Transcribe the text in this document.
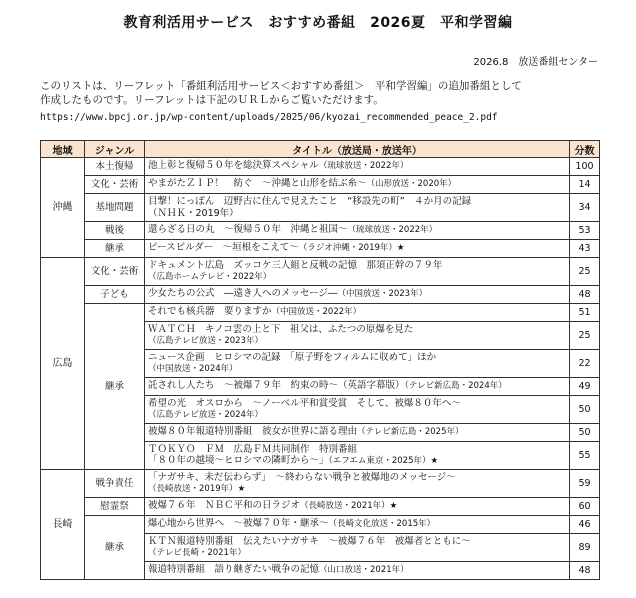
教育利活用サービス　おすすめ番組　2026夏　平和学習編
2026.8　放送番組センター

このリストは、リーフレット「番組利活用サービス＜おすすめ番組＞　平和学習編」の追加番組として

作成したものです。リーフレットは下記のＵＲＬからご覧いただけます。

https://www.bpcj.or.jp/wp-content/uploads/2025/06/kyozai_recommended_peace_2.pdf
地域	ジャンル	タイトル（放送局・放送年）	分数
沖縄	本土復帰	池上彰と復帰５０年を総決算スペシャル（琉球放送・2022年）	100
	文化・芸術	やまがたＺＩＰ！　紡ぐ　～沖縄と山形を結ぶ糸～（山形放送・2020年）	14
	基地問題	目撃！にっぽん　辺野古に住んで見えたこと　“移設先の町”　４か月の記録
（ＮＨＫ・2019年）	34
	戦後	還らざる日の丸　～復帰５０年　沖縄と祖国～（琉球放送・2022年）	53
	継承	ピースビルダー　～垣根をこえて～（ラジオ沖縄・2019年）★	43
広島	文化・芸術	ドキュメント広島　ズッコケ三人組と反戦の記憶　那須正幹の７９年
（広島ホームテレビ・2022年）	25
	子ども	少女たちの公式　―遠き人へのメッセージ―（中国放送・2023年）	48
	継承	それでも核兵器　要りますか（中国放送・2022年）	51

		ＷＡＴＣＨ　キノコ雲の上と下　祖父は、ふたつの原爆を見た
（広島テレビ放送・2023年）	25

		ニュース企画　ヒロシマの記録　「原子野をフィルムに収めて」ほか
（中国放送・2024年）	22
		託されし人たち　～被爆７９年　約束の時～（英語字幕版）（テレビ新広島・2024年）	49

		希望の光　オスロから　～ノーベル平和賞受賞　そして、被爆８０年へ～
（広島テレビ放送・2024年）	50
		被爆８０年報道特別番組　彼女が世界に語る理由（テレビ新広島・2025年）	50

		ＴＯＫＹＯ　ＦＭ　広島ＦＭ共同制作　特別番組
「８０年の越境～ヒロシマの隣町から～」（エフエム東京・2025年）★	55
長崎	戦争責任	「ナガサキ、未だ伝わらず」　～終わらない戦争と被爆地のメッセージ～
（長崎放送・2019年）★	59
	慰霊祭	被爆７６年　ＮＢＣ平和の日ラジオ（長崎放送・2021年）★	60
	継承	爆心地から世界へ　～被爆７０年・継承～（長崎文化放送・2015年）	46

		ＫＴＮ報道特別番組　伝えたいナガサキ　～被爆７６年　被爆者とともに～
（テレビ長崎・2021年）	89
		報道特別番組　語り継ぎたい戦争の記憶（山口放送・2021年）	48
